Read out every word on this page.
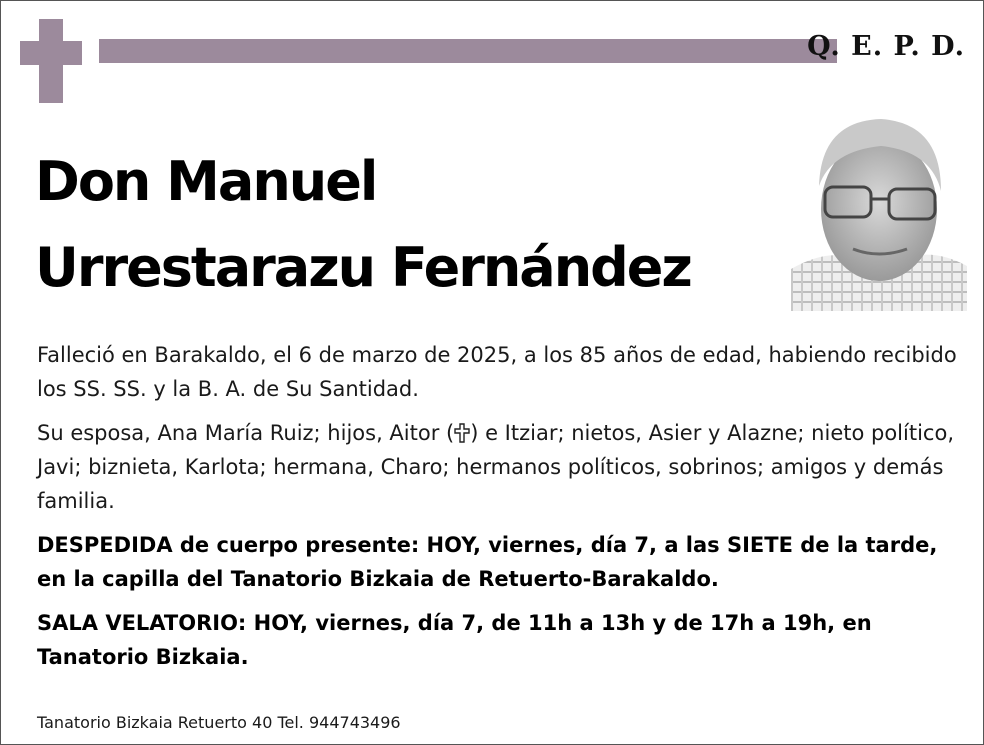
Q. E. P. D.
Don Manuel
Urrestarazu Fernández

Falleció en Barakaldo, el 6 de marzo de 2025, a los 85 años de edad, habiendo recibido los SS. SS. y la B. A. de Su Santidad.

Su esposa, Ana María Ruiz; hijos, Aitor ( ) e Itziar; nietos, Asier y Alazne; nieto político, Javi; biznieta, Karlota; hermana, Charo; hermanos políticos, sobrinos; amigos y demás familia.

DESPEDIDA de cuerpo presente: HOY, viernes, día 7, a las SIETE de la tarde, en la capilla del Tanatorio Bizkaia de Retuerto-Barakaldo.

SALA VELATORIO: HOY, viernes, día 7, de 11h a 13h y de 17h a 19h, en Tanatorio Bizkaia.

Tanatorio Bizkaia Retuerto 40 Tel. 944743496
